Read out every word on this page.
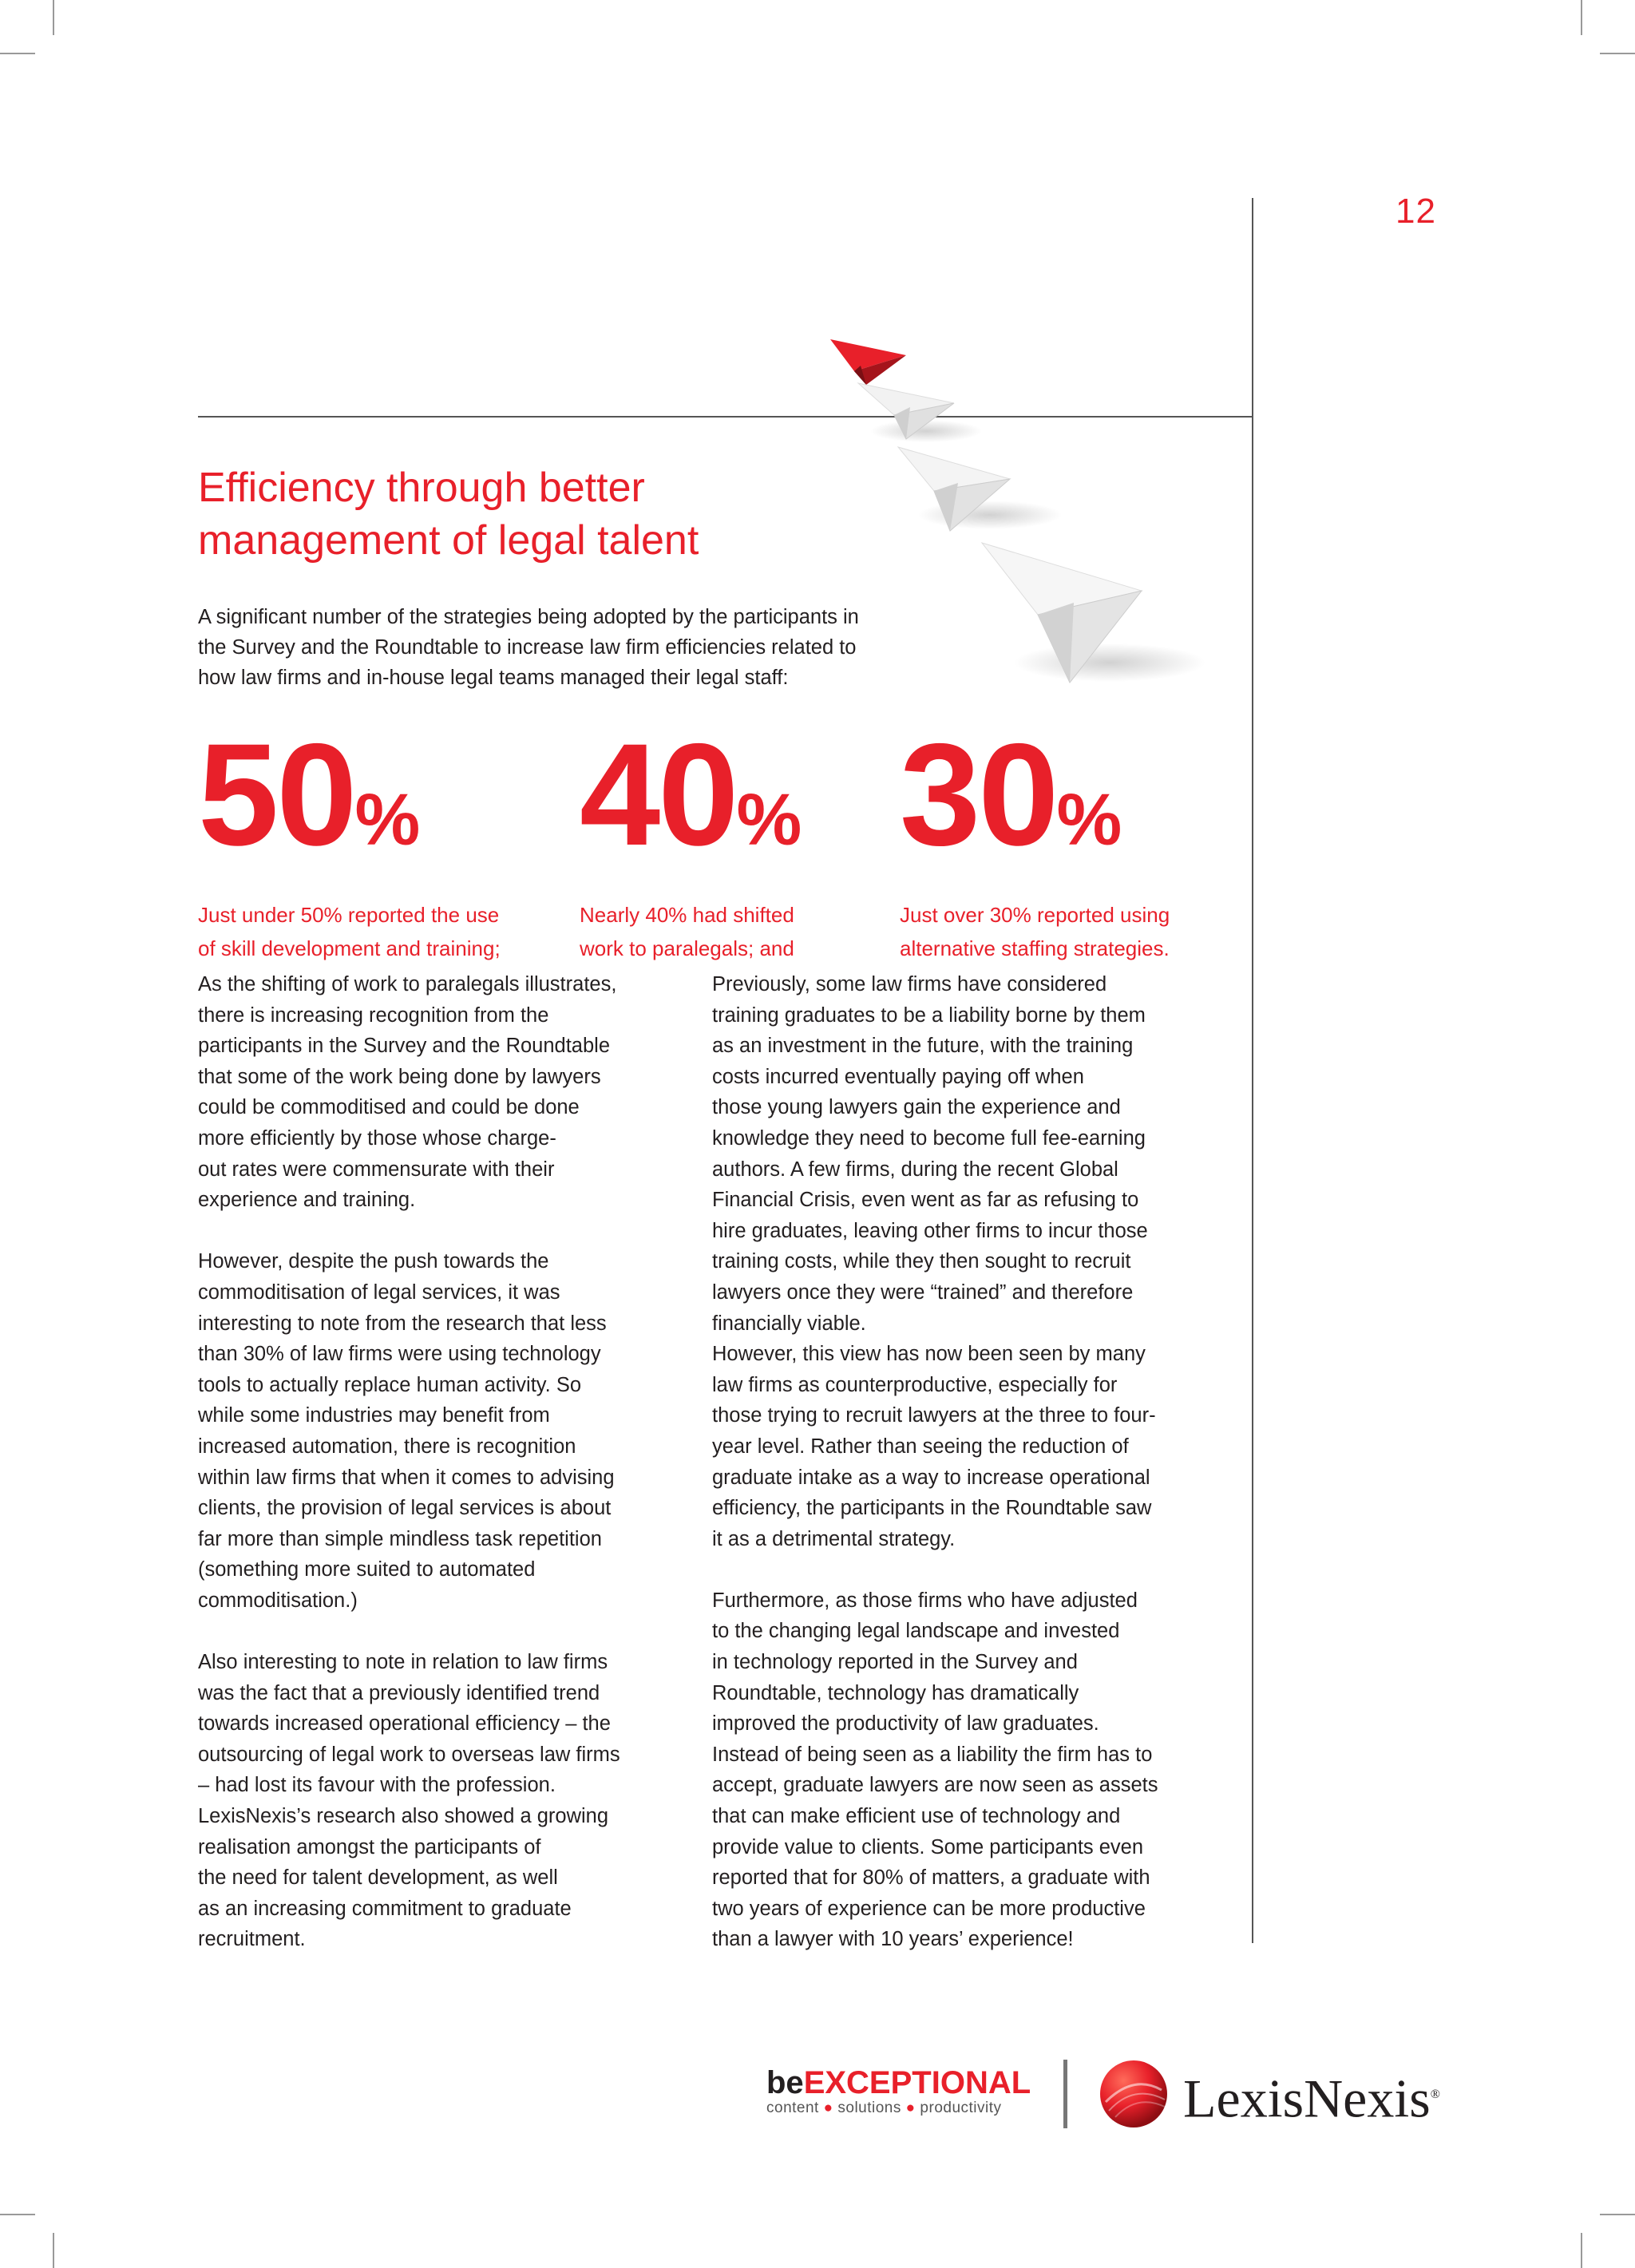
12
Efficiency through better
management of legal talent
A significant number of the strategies being adopted by the participants in
the Survey and the Roundtable to increase law firm efficiencies related to
how law firms and in-house legal teams managed their legal staff:
50%
Just under 50% reported the use
of skill development and training;
40%
Nearly 40% had shifted
work to paralegals; and
30%
Just over 30% reported using
alternative staffing strategies.

As the shifting of work to paralegals illustrates,
there is increasing recognition from the
participants in the Survey and the Roundtable
that some of the work being done by lawyers
could be commoditised and could be done
more efficiently by those whose charge-
out rates were commensurate with their
experience and training.

However, despite the push towards the
commoditisation of legal services, it was
interesting to note from the research that less
than 30% of law firms were using technology
tools to actually replace human activity. So
while some industries may benefit from
increased automation, there is recognition
within law firms that when it comes to advising
clients, the provision of legal services is about
far more than simple mindless task repetition
(something more suited to automated
commoditisation.)

Also interesting to note in relation to law firms
was the fact that a previously identified trend
towards increased operational efficiency – the
outsourcing of legal work to overseas law firms
– had lost its favour with the profession.
LexisNexis’s research also showed a growing
realisation amongst the participants of
the need for talent development, as well
as an increasing commitment to graduate
recruitment.

Previously, some law firms have considered
training graduates to be a liability borne by them
as an investment in the future, with the training
costs incurred eventually paying off when
those young lawyers gain the experience and
knowledge they need to become full fee-earning
authors. A few firms, during the recent Global
Financial Crisis, even went as far as refusing to
hire graduates, leaving other firms to incur those
training costs, while they then sought to recruit
lawyers once they were “trained” and therefore
financially viable.
However, this view has now been seen by many
law firms as counterproductive, especially for
those trying to recruit lawyers at the three to four-
year level. Rather than seeing the reduction of
graduate intake as a way to increase operational
efficiency, the participants in the Roundtable saw
it as a detrimental strategy.

Furthermore, as those firms who have adjusted
to the changing legal landscape and invested
in technology reported in the Survey and
Roundtable, technology has dramatically
improved the productivity of law graduates.
Instead of being seen as a liability the firm has to
accept, graduate lawyers are now seen as assets
that can make efficient use of technology and
provide value to clients. Some participants even
reported that for 80% of matters, a graduate with
two years of experience can be more productive
than a lawyer with 10 years’ experience!

beEXCEPTIONAL
content ● solutions ● productivity	LexisNexis®
